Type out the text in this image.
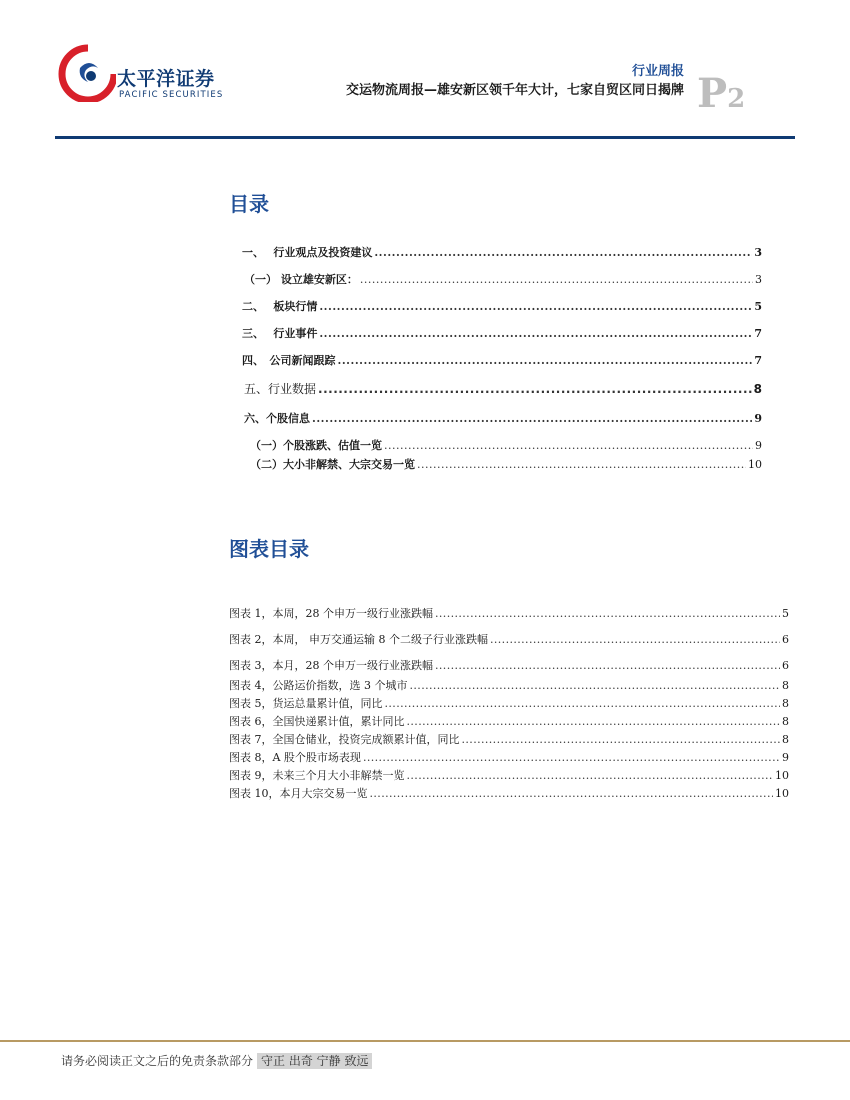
太平洋证券
PACIFIC SECURITIES
行业周报
交运物流周报—雄安新区领千年大计，七家自贸区同日揭牌 P2
目录
一、　 行业观点及投资建议 .....	3
（一） 设立雄安新区： .....	3
二、　 板块行情 .....	5
三、　 行业事件 .....	7
四、　公司新闻跟踪 .....	7
五、行业数据 .....	8
六、个股信息 .....	9
（一）个股涨跌、估值一览 .....	9
（二）大小非解禁、大宗交易一览 .....	10
图表目录
图表 1，本周，28 个申万一级行业涨跌幅 .....	5
图表 2，本周， 申万交通运输 8 个二级子行业涨跌幅 .....	6
图表 3，本月，28 个申万一级行业涨跌幅 .....	6
图表 4，公路运价指数，选 3 个城市 .....	8
图表 5，货运总量累计值，同比 .....	8
图表 6，全国快递累计值，累计同比 .....	8
图表 7，全国仓储业，投资完成额累计值，同比 .....	8
图表 8，A 股个股市场表现 .....	9
图表 9，未来三个月大小非解禁一览 .....	10
图表 10，本月大宗交易一览 .....	10
请务必阅读正文之后的免责条款部分 守正 出奇 宁静 致远
